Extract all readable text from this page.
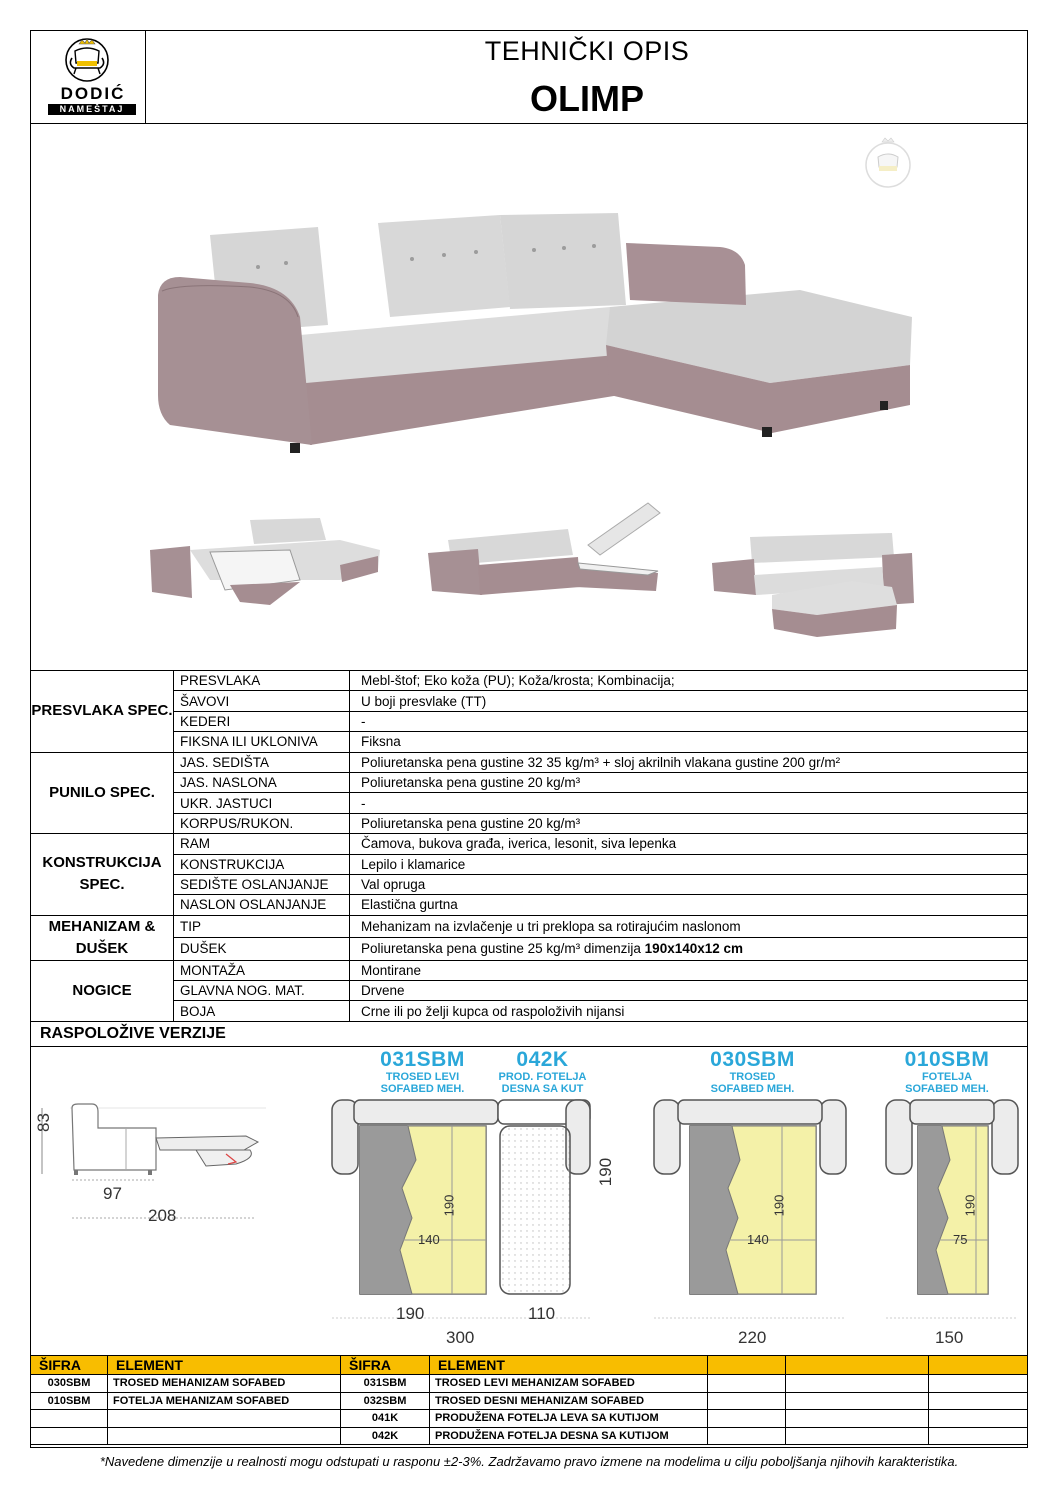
DODIĆ
NAMEŠTAJ
TEHNIČKI OPIS
OLIMP
PRESVLAKA SPEC.	PRESVLAKA	Mebl-štof; Eko koža (PU); Koža/krosta; Kombinacija;
	ŠAVOVI	U boji presvlake (TT)
	KEDERI	-
	FIKSNA ILI UKLONIVA	Fiksna
PUNILO SPEC.	JAS. SEDIŠTA	Poliuretanska pena gustine 32 35 kg/m³ + sloj akrilnih vlakana gustine 200 gr/m²
	JAS. NASLONA	Poliuretanska pena gustine 20 kg/m³
	UKR. JASTUCI	-
	KORPUS/RUKON.	Poliuretanska pena gustine 20 kg/m³
KONSTRUKCIJA SPEC.	RAM	Čamova, bukova građa, iverica, lesonit, siva lepenka
	KONSTRUKCIJA	Lepilo i klamarice
	SEDIŠTE OSLANJANJE	Val opruga
	NASLON OSLANJANJE	Elastična gurtna
MEHANIZAM & DUŠEK	TIP	Mehanizam na izvlačenje u tri preklopa sa rotirajućim naslonom
	DUŠEK	Poliuretanska pena gustine 25 kg/m³ dimenzija 190x140x12 cm
NOGICE	MONTAŽA	Montirane
	GLAVNA NOG. MAT.	Drvene
	BOJA	Crne ili po želji kupca od raspoloživih nijansi
RASPOLOŽIVE VERZIJE
031SBM
TROSED LEVI
SOFABED MEH.
042K
PROD. FOTELJA
DESNA SA KUT
030SBM
TROSED
SOFABED MEH.
010SBM
FOTELJA
SOFABED MEH.
83
97
208	190
140
190
190	110
300
190
140
220
190
75
150
ŠIFRA	ELEMENT	ŠIFRA	ELEMENT			
030SBM	TROSED MEHANIZAM SOFABED	031SBM	TROSED LEVI MEHANIZAM SOFABED			
010SBM	FOTELJA MEHANIZAM SOFABED	032SBM	TROSED DESNI MEHANIZAM SOFABED			
		041K	PRODUŽENA FOTELJA LEVA SA KUTIJOM			
		042K	PRODUŽENA FOTELJA DESNA SA KUTIJOM			
*Navedene dimenzije u realnosti mogu odstupati u rasponu ±2-3%. Zadržavamo pravo izmene na modelima u cilju poboljšanja njihovih karakteristika.
